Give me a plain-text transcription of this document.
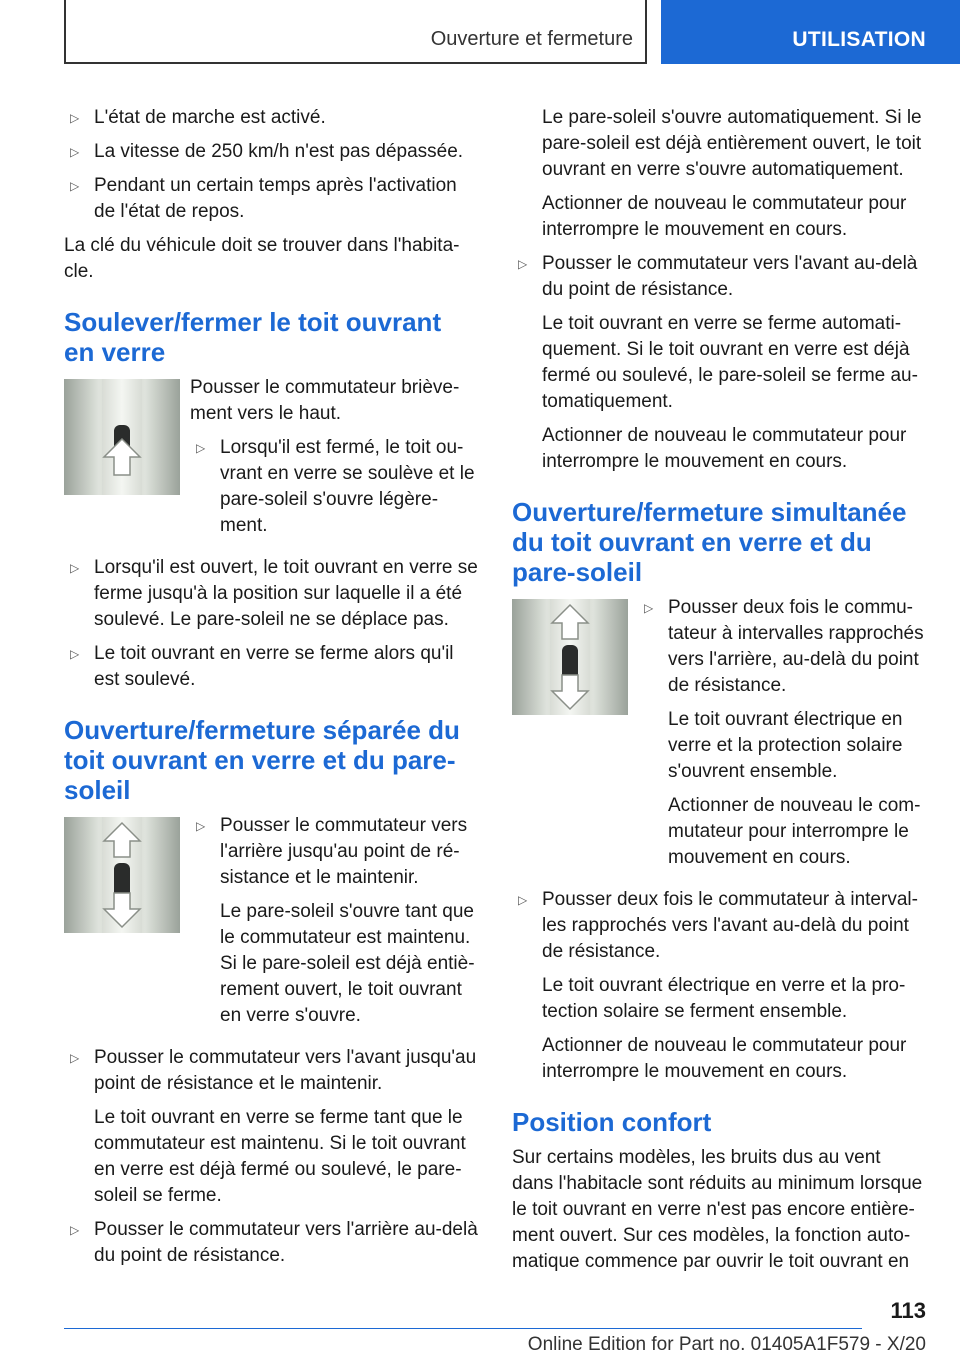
Ouverture et fermeture	UTILISATION
▷ L'état de marche est activé.
▷ La vitesse de 250 km/h n'est pas dépassée.
▷ Pendant un certain temps après l'activation de l'état de repos.
La clé du véhicule doit se trouver dans l'habitacle.
Soulever/fermer le toit ouvrant en verre
Pousser le commutateur brièvement vers le haut.
▷ Lorsqu'il est fermé, le toit ouvrant en verre se soulève et le pare-soleil s'ouvre légèrement.
▷ Lorsqu'il est ouvert, le toit ouvrant en verre se ferme jusqu'à la position sur laquelle il a été soulevé. Le pare-soleil ne se déplace pas.
▷ Le toit ouvrant en verre se ferme alors qu'il est soulevé.
Ouverture/fermeture séparée du toit ouvrant en verre et du pare-soleil
▷ Pousser le commutateur vers l'arrière jusqu'au point de résistance et le maintenir.
Le pare-soleil s'ouvre tant que le commutateur est maintenu. Si le pare-soleil est déjà entièrement ouvert, le toit ouvrant en verre s'ouvre.
▷ Pousser le commutateur vers l'avant jusqu'au point de résistance et le maintenir.
Le toit ouvrant en verre se ferme tant que le commutateur est maintenu. Si le toit ouvrant en verre est déjà fermé ou soulevé, le pare-soleil se ferme.
▷ Pousser le commutateur vers l'arrière au-delà du point de résistance.
Le pare-soleil s'ouvre automatiquement. Si le pare-soleil est déjà entièrement ouvert, le toit ouvrant en verre s'ouvre automatiquement.
Actionner de nouveau le commutateur pour interrompre le mouvement en cours.
▷ Pousser le commutateur vers l'avant au-delà du point de résistance.
Le toit ouvrant en verre se ferme automatiquement. Si le toit ouvrant en verre est déjà fermé ou soulevé, le pare-soleil se ferme automatiquement.
Actionner de nouveau le commutateur pour interrompre le mouvement en cours.
Ouverture/fermeture simultanée du toit ouvrant en verre et du pare-soleil
▷ Pousser deux fois le commutateur à intervalles rapprochés vers l'arrière, au-delà du point de résistance.
Le toit ouvrant électrique en verre et la protection solaire s'ouvrent ensemble.
Actionner de nouveau le commutateur pour interrompre le mouvement en cours.
▷ Pousser deux fois le commutateur à intervalles rapprochés vers l'avant au-delà du point de résistance.
Le toit ouvrant électrique en verre et la protection solaire se ferment ensemble.
Actionner de nouveau le commutateur pour interrompre le mouvement en cours.
Position confort
Sur certains modèles, les bruits dus au vent dans l'habitacle sont réduits au minimum lorsque le toit ouvrant en verre n'est pas encore entièrement ouvert. Sur ces modèles, la fonction automatique commence par ouvrir le toit ouvrant en
113
Online Edition for Part no. 01405A1F579 - X/20
